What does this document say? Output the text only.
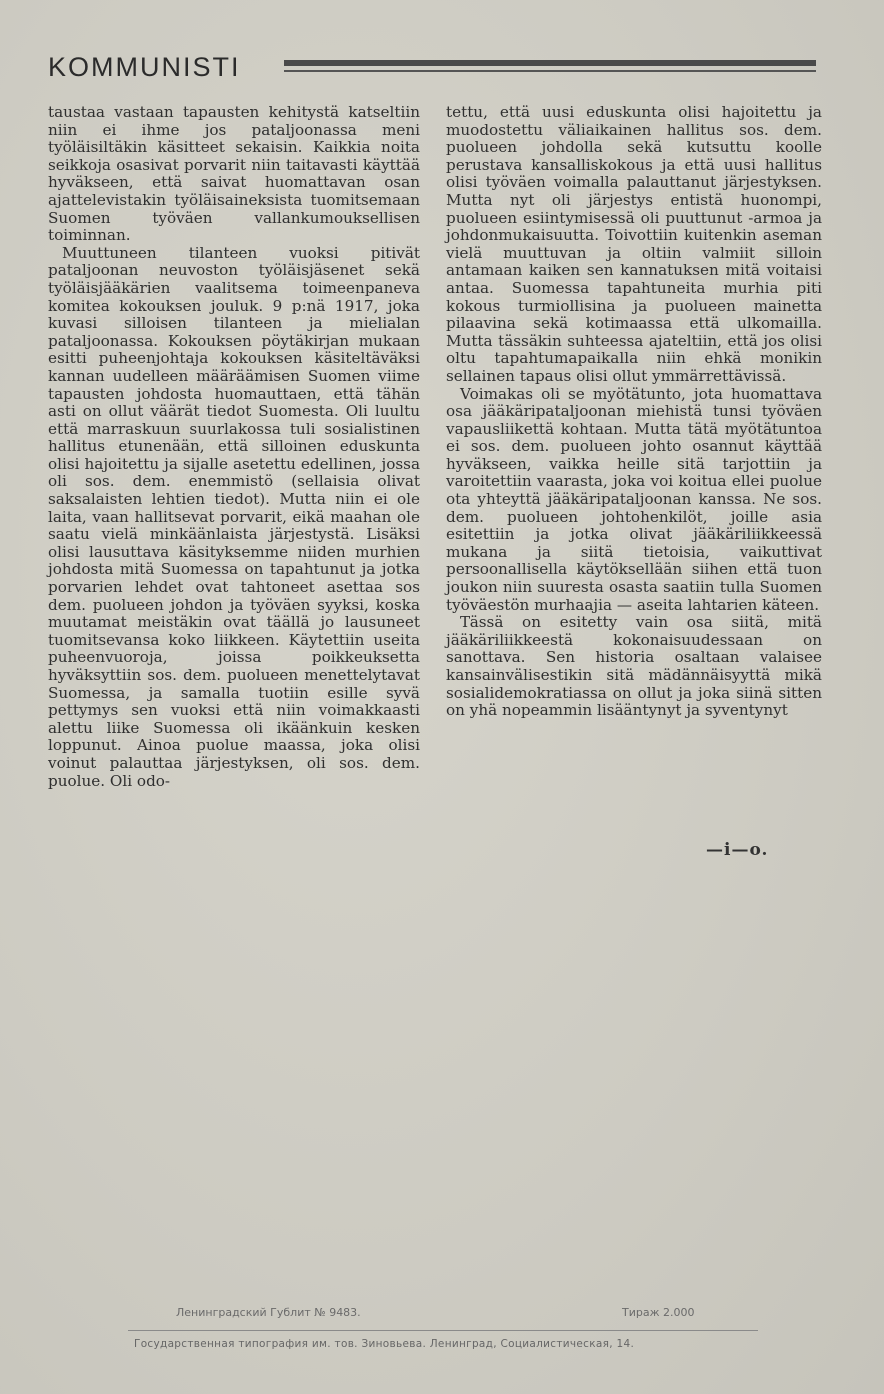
KOMMUNISTI

taustaa vastaan tapausten kehitystä katseltiin niin ei ihme jos pataljoonassa meni työläisiltäkin käsitteet sekaisin. Kaikkia noita seikkoja osasivat porvarit niin taitavasti käyttää hyväkseen, että saivat huomattavan osan ajattelevistakin työläisaineksista tuomitsemaan Suomen työväen vallankumouksellisen toiminnan.

Muuttuneen tilanteen vuoksi pitivät pataljoonan neuvoston työläisjäsenet sekä työläisjääkärien vaalitsema toimeenpaneva komitea kokouksen jouluk. 9 p:nä 1917, joka kuvasi silloisen tilanteen ja mielialan pataljoonassa. Kokouksen pöytäkirjan mukaan esitti puheenjohtaja kokouksen käsiteltäväksi kannan uudelleen määräämisen Suomen viime tapausten johdosta huomauttaen, että tähän asti on ollut väärät tiedot Suomesta. Oli luultu että marraskuun suurlakossa tuli sosialistinen hallitus etunenään, että silloinen eduskunta olisi hajoitettu ja sijalle asetettu edellinen, jossa oli sos. dem. enemmistö (sellaisia olivat saksalaisten lehtien tiedot). Mutta niin ei ole laita, vaan hallitsevat porvarit, eikä maahan ole saatu vielä minkäänlaista järjestystä. Lisäksi olisi lausuttava käsityksemme niiden murhien johdosta mitä Suomessa on tapahtunut ja jotka porvarien lehdet ovat tahtoneet asettaa sos dem. puolueen johdon ja työväen syyksi, koska muutamat meistäkin ovat täällä jo lausuneet tuomitsevansa koko liikkeen. Käytettiin useita puheenvuoroja, joissa poikkeuksetta hyväksyttiin sos. dem. puolueen menettelytavat Suomessa, ja samalla tuotiin esille syvä pettymys sen vuoksi että niin voimakkaasti alettu liike Suomessa oli ikäänkuin kesken loppunut. Ainoa puolue maassa, joka olisi voinut palauttaa järjestyksen, oli sos. dem. puolue. Oli odo-

tettu, että uusi eduskunta olisi hajoitettu ja muodostettu väliaikainen hallitus sos. dem. puolueen johdolla sekä kutsuttu koolle perustava kansalliskokous ja että uusi hallitus olisi työväen voimalla palauttanut järjestyksen. Mutta nyt oli järjestys entistä huonompi, puolueen esiintymisessä oli puuttunut -armoa ja johdonmukaisuutta. Toivottiin kuitenkin aseman vielä muuttuvan ja oltiin valmiit silloin antamaan kaiken sen kannatuksen mitä voitaisi antaa. Suomessa tapahtuneita murhia piti kokous turmiollisina ja puolueen mainetta pilaavina sekä kotimaassa että ulkomailla. Mutta tässäkin suhteessa ajateltiin, että jos olisi oltu tapahtumapaikalla niin ehkä monikin sellainen tapaus olisi ollut ymmärrettävissä.

Voimakas oli se myötätunto, jota huomattava osa jääkäripataljoonan miehistä tunsi työväen vapausliikettä kohtaan. Mutta tätä myötätuntoa ei sos. dem. puolueen johto osannut käyttää hyväkseen, vaikka heille sitä tarjottiin ja varoitettiin vaarasta, joka voi koitua ellei puolue ota yhteyttä jääkäripataljoonan kanssa. Ne sos. dem. puolueen johtohenkilöt, joille asia esitettiin ja jotka olivat jääkäriliikkeessä mukana ja siitä tietoisia, vaikuttivat persoonallisella käytöksellään siihen että tuon joukon niin suuresta osasta saatiin tulla Suomen työväestön murhaajia — aseita lahtarien käteen.

Tässä on esitetty vain osa siitä, mitä jääkäriliikkeestä kokonaisuudessaan on sanottava. Sen historia osaltaan valaisee kansainvälisestikin sitä mädännäisyyttä mikä sosialidemokratiassa on ollut ja joka siinä sitten on yhä nopeammin lisääntynyt ja syventynyt

—i—o.
Ленинградский Гублит № 9483.	Тираж 2.000
Государственная типография им. тов. Зиновьева. Ленинград, Социалистическая, 14.
